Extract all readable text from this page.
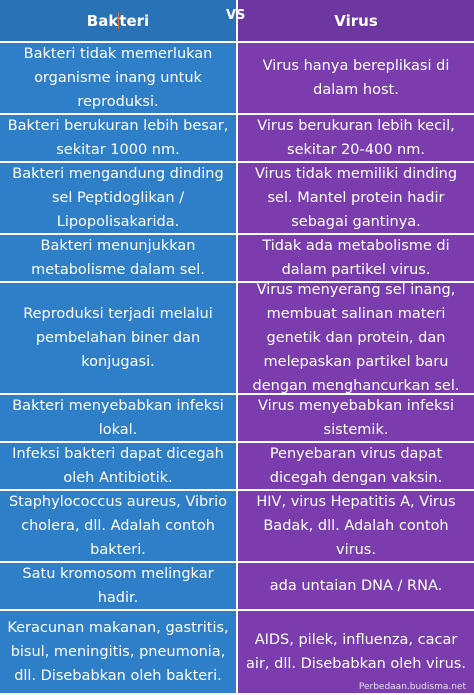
Bak teri	Virus
Bakteri tidak memerlukan organisme inang untuk reproduksi.
Virus hanya bereplikasi di dalam host.
Bakteri berukuran lebih besar, sekitar 1000 nm.
Virus berukuran lebih kecil, sekitar 20-400 nm.
Bakteri mengandung dinding sel Peptidoglikan / Lipopolisakarida.
Virus tidak memiliki dinding sel. Mantel protein hadir sebagai gantinya.
Bakteri menunjukkan metabolisme dalam sel.
Tidak ada metabolisme di dalam partikel virus.
Reproduksi terjadi melalui pembelahan biner dan konjugasi.
Virus menyerang sel inang, membuat salinan materi genetik dan protein, dan melepaskan partikel baru dengan menghancurkan sel.
Bakteri menyebabkan infeksi lokal.
Virus menyebabkan infeksi sistemik.
Infeksi bakteri dapat dicegah oleh Antibiotik.
Penyebaran virus dapat dicegah dengan vaksin.
Staphylococcus aureus, Vibrio cholera, dll. Adalah contoh bakteri.
HIV, virus Hepatitis A, Virus Badak, dll. Adalah contoh virus.
Satu kromosom melingkar hadir.
ada untaian DNA / RNA.
Keracunan makanan, gastritis, bisul, meningitis, pneumonia, dll. Disebabkan oleh bakteri.
AIDS, pilek, influenza, cacar air, dll. Disebabkan oleh virus.
VS
Perbedaan.budisma.net
